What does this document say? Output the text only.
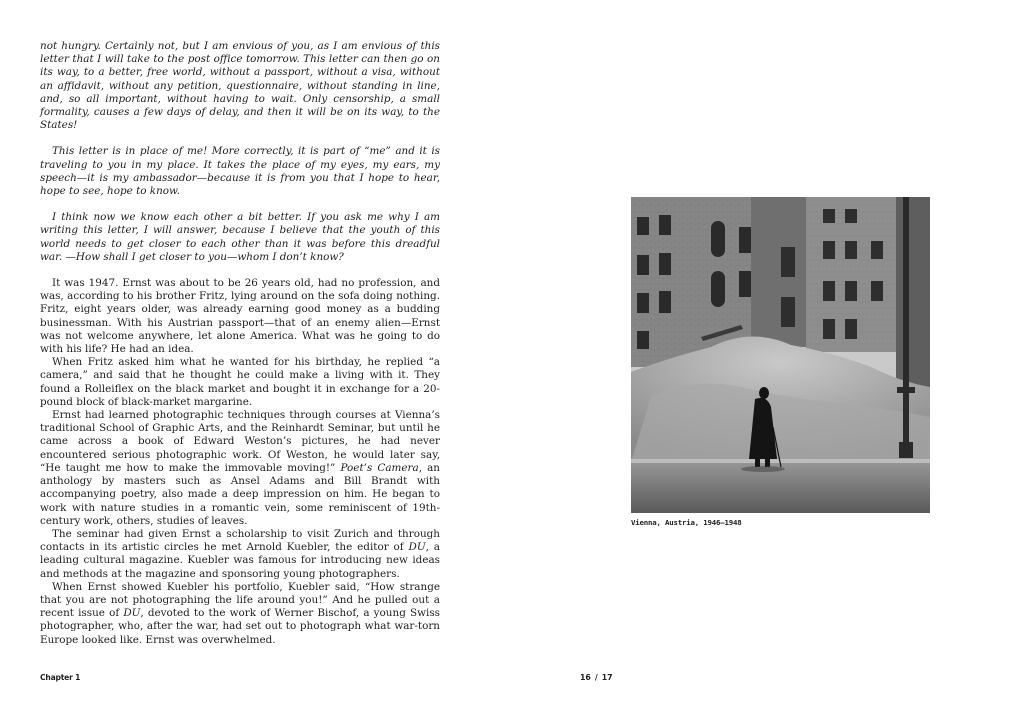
not hungry. Certainly not, but I am envious of you, as I am envious of this letter that I will take to the post office tomorrow. This letter can then go on its way, to a better, free world, without a passport, without a visa, without an affidavit, without any petition, questionnaire, without standing in line, and, so all important, without having to wait. Only censorship, a small formality, causes a few days of delay, and then it will be on its way, to the States!

This letter is in place of me! More correctly, it is part of “me” and it is traveling to you in my place. It takes the place of my eyes, my ears, my speech—it is my ambassador—because it is from you that I hope to hear, hope to see, hope to know.

I think now we know each other a bit better. If you ask me why I am writing this letter, I will answer, because I believe that the youth of this world needs to get closer to each other than it was before this dreadful war. —How shall I get closer to you—whom I don’t know?

It was 1947. Ernst was about to be 26 years old, had no profession, and was, according to his brother Fritz, lying around on the sofa doing nothing. Fritz, eight years older, was already earning good money as a budding businessman. With his Austrian passport—that of an enemy alien—Ernst was not welcome anywhere, let alone America. What was he going to do with his life? He had an idea.

When Fritz asked him what he wanted for his birthday, he replied “a camera,” and said that he thought he could make a living with it. They found a Rolleiflex on the black market and bought it in exchange for a 20-pound block of black-market margarine.

Ernst had learned photographic techniques through courses at Vienna’s traditional School of Graphic Arts, and the Reinhardt Seminar, but until he came across a book of Edward Weston’s pictures, he had never encountered serious photographic work. Of Weston, he would later say, “He taught me how to make the immovable moving!” Poet’s Camera, an anthology by masters such as Ansel Adams and Bill Brandt with accompanying poetry, also made a deep impression on him. He began to work with nature studies in a romantic vein, some reminiscent of 19th-century work, others, studies of leaves.

The seminar had given Ernst a scholarship to visit Zurich and through contacts in its artistic circles he met Arnold Kuebler, the editor of DU, a leading cultural magazine. Kuebler was famous for introducing new ideas and methods at the magazine and sponsoring young photographers.

When Ernst showed Kuebler his portfolio, Kuebler said, “How strange that you are not photographing the life around you!” And he pulled out a recent issue of DU, devoted to the work of Werner Bischof, a young Swiss photographer, who, after the war, had set out to photograph what war-torn Europe looked like. Ernst was overwhelmed.

Chapter 1	16 / 17
Vienna, Austria, 1946–1948
